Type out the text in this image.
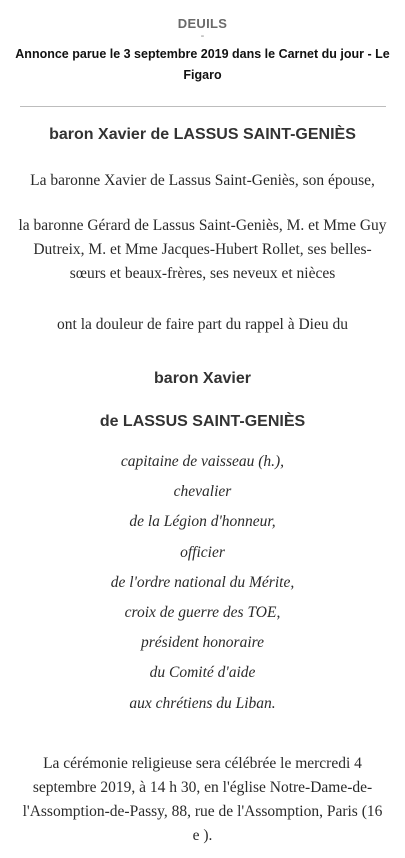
DEUILS
-
Annonce parue le 3 septembre 2019 dans le Carnet du jour - Le Figaro
baron Xavier de LASSUS SAINT-GENIÈS
La baronne Xavier de Lassus Saint-Geniès, son épouse,
la baronne Gérard de Lassus Saint-Geniès, M. et Mme Guy Dutreix, M. et Mme Jacques-Hubert Rollet, ses belles-sœurs et beaux-frères, ses neveux et nièces
ont la douleur de faire part du rappel à Dieu du
baron Xavier
de LASSUS SAINT-GENIÈS
capitaine de vaisseau (h.),
chevalier
de la Légion d'honneur,
officier
de l'ordre national du Mérite,
croix de guerre des TOE,
président honoraire
du Comité d'aide
aux chrétiens du Liban.
La cérémonie religieuse sera célébrée le mercredi 4 septembre 2019, à 14 h 30, en l'église Notre-Dame-de-l'Assomption-de-Passy, 88, rue de l'Assomption, Paris (16 e ).
